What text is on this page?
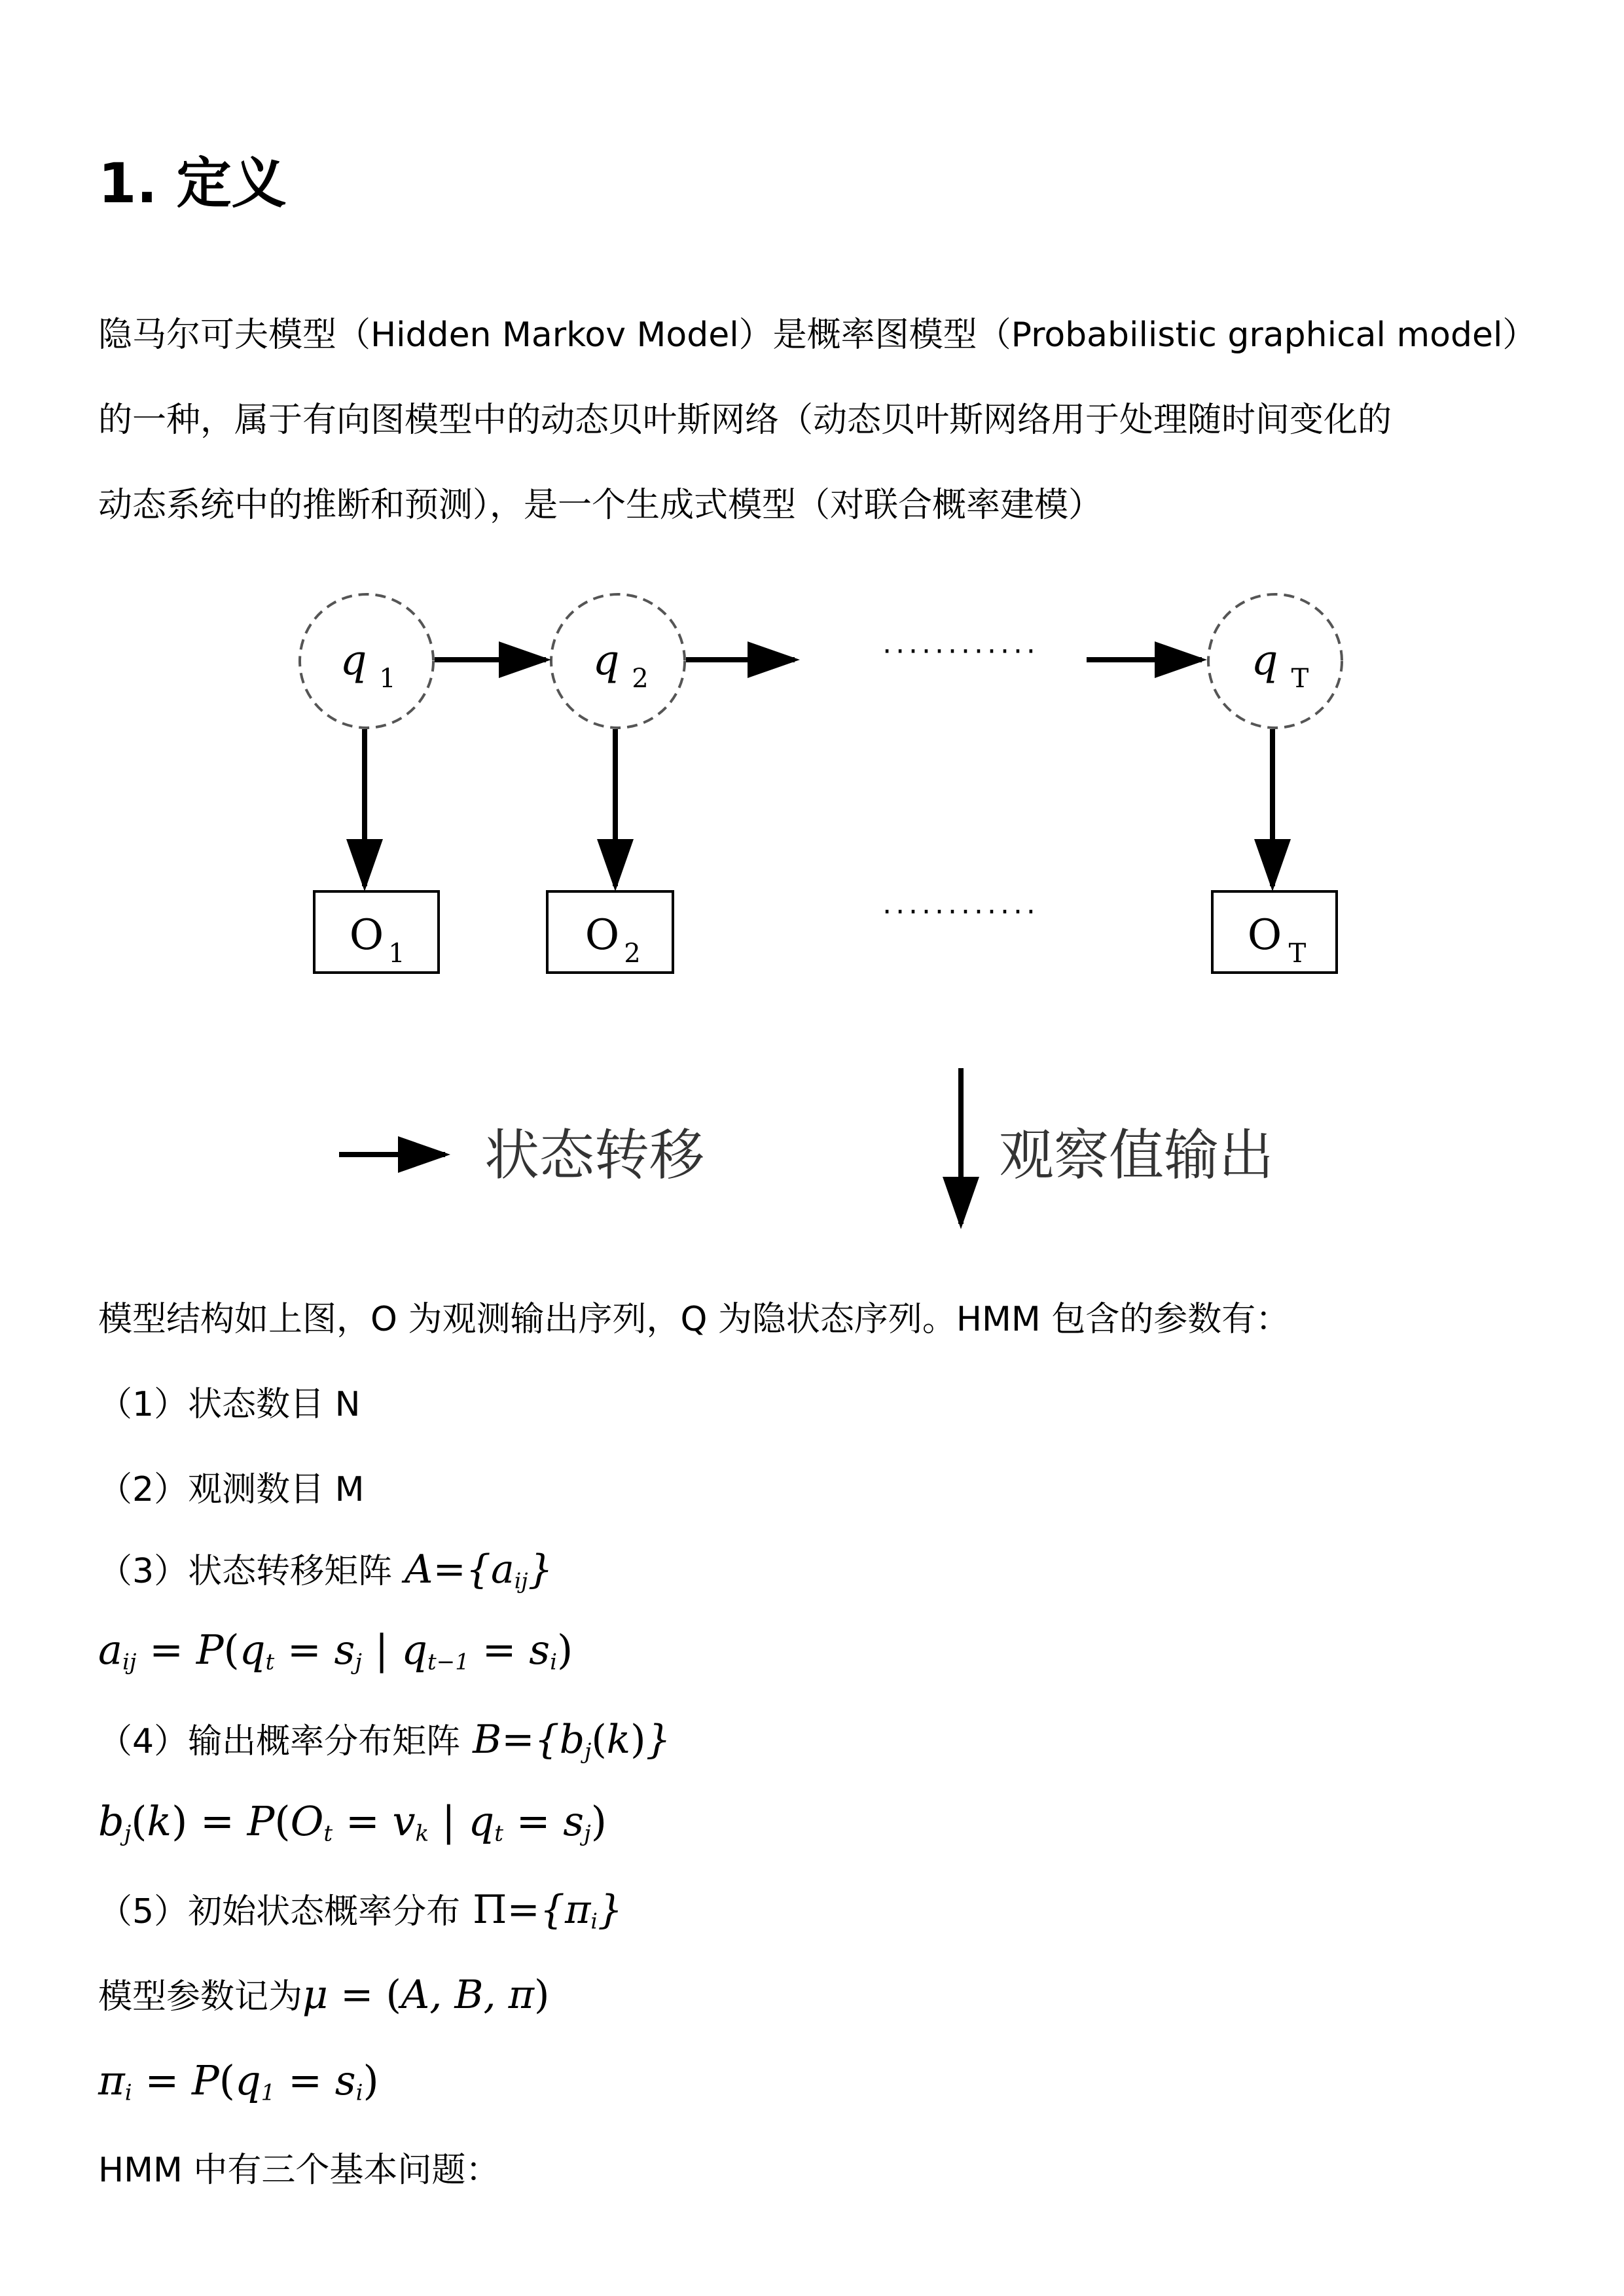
1. 定义
隐马尔可夫模型（Hidden Markov Model）是概率图模型（Probabilistic graphical model）
的一种，属于有向图模型中的动态贝叶斯网络（动态贝叶斯网络用于处理随时间变化的
动态系统中的推断和预测），是一个生成式模型（对联合概率建模）
q 1	q 2	q T
············
O 1	O 2	O T
············
状态转移	观察值输出
模型结构如上图，O 为观测输出序列，Q 为隐状态序列。HMM 包含的参数有：
（1）状态数目 N
（2）观测数目 M
（3）状态转移矩阵 $A=\{a_{ij}\}$
$a_{ij} = P(q_t = s_j$ | $q_{t-1} = s_i$)
（4）输出概率分布矩阵 $B=\{b_j(k)\}$
$b_j(k) = P(O_t = v_k$ | $q_t = s_j$)
（5）初始状态概率分布 $\Pi=\{\pi_i\}$
模型参数记为μ = (A, B, π)
$\pi_i = P(q_1 = s_i)$
HMM 中有三个基本问题：
